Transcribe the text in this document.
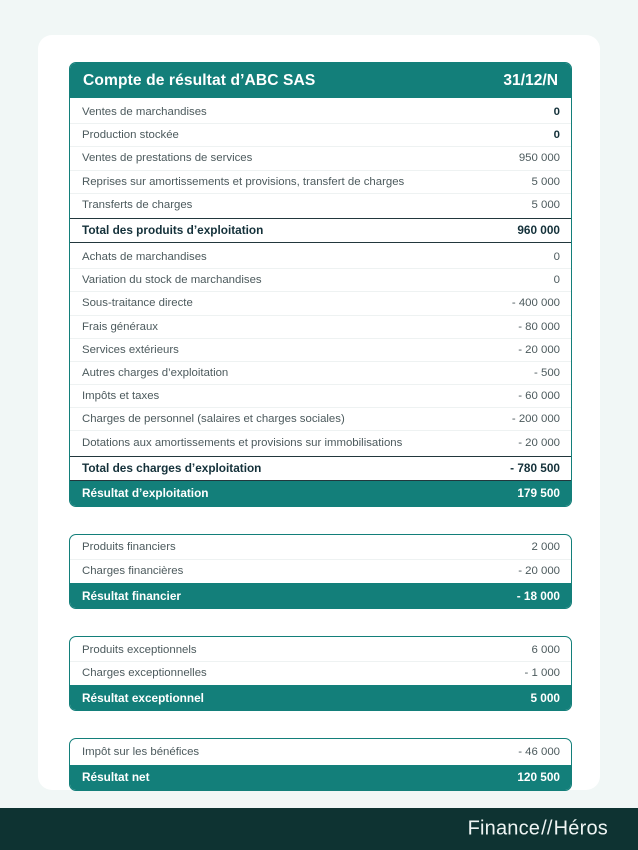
Compte de résultat d’ABC SAS	31/12/N
Ventes de marchandises	0
Production stockée	0
Ventes de prestations de services	950 000
Reprises sur amortissements et provisions, transfert de charges	5 000
Transferts de charges	5 000
Total des produits d’exploitation	960 000
Achats de marchandises	0
Variation du stock de marchandises	0
Sous-traitance directe	- 400 000
Frais généraux	- 80 000
Services extérieurs	- 20 000
Autres charges d’exploitation	- 500
Impôts et taxes	- 60 000
Charges de personnel (salaires et charges sociales)	- 200 000
Dotations aux amortissements et provisions sur immobilisations	- 20 000
Total des charges d’exploitation	- 780 500
Résultat d’exploitation	179 500
Produits financiers	2 000
Charges financières	- 20 000
Résultat financier	- 18 000
Produits exceptionnels	6 000
Charges exceptionnelles	- 1 000
Résultat exceptionnel	5 000
Impôt sur les bénéfices	- 46 000
Résultat net	120 500
Finance // Héros
